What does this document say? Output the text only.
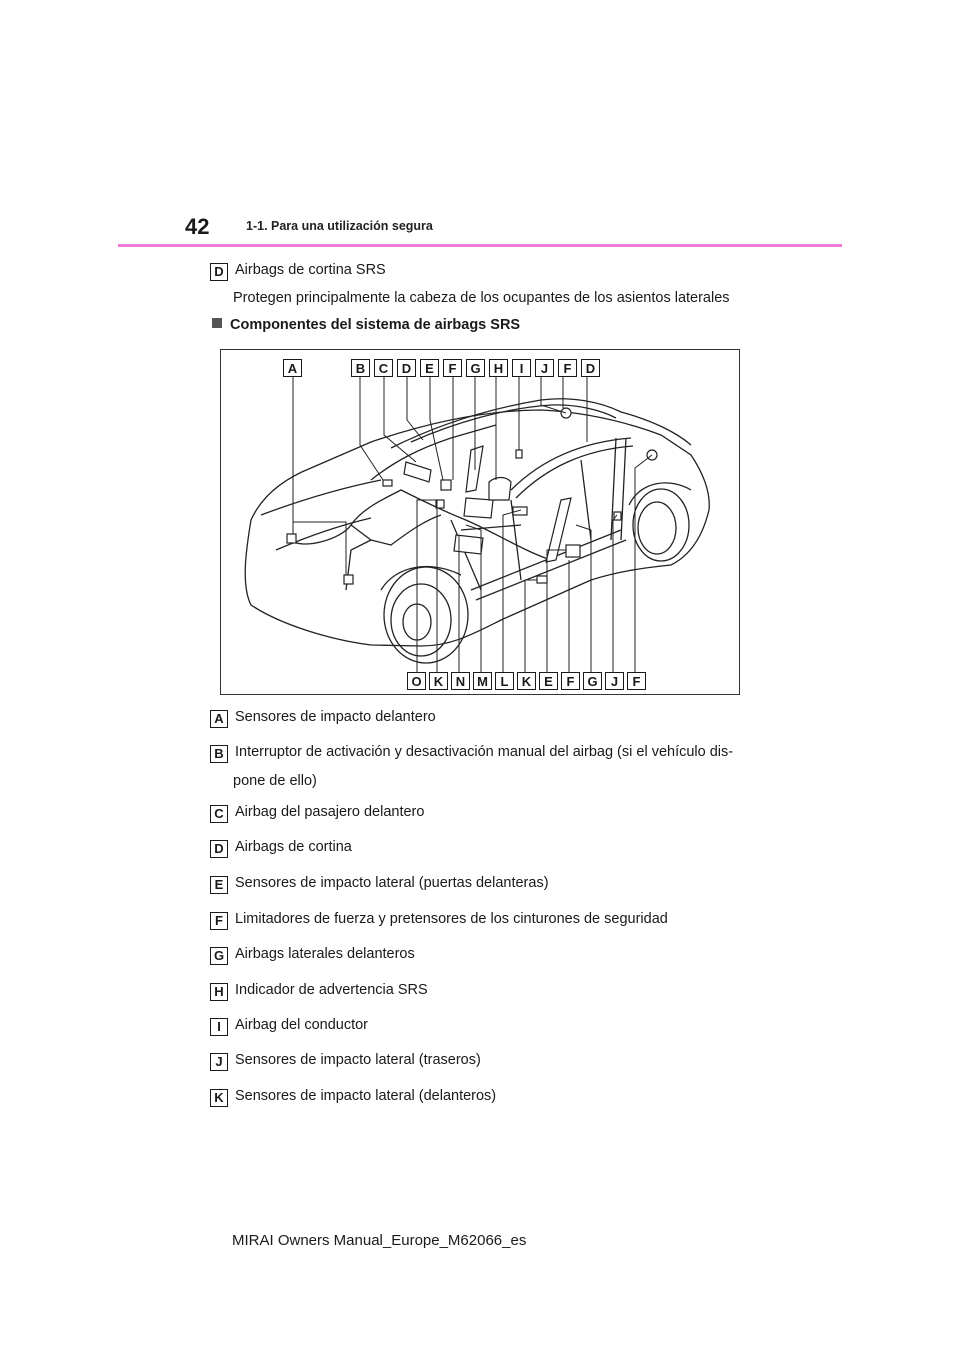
42	1-1. Para una utilización segura
D Airbags de cortina SRS
Protegen principalmente la cabeza de los ocupantes de los asientos laterales
Componentes del sistema de airbags SRS
A	B	C	D	E	F	G	H	I	J	F	D
O K N M L	K E	F G	J	F
A Sensores de impacto delantero
B Interruptor de activación y desactivación manual del airbag (si el vehículo dis-
pone de ello)
C Airbag del pasajero delantero
D Airbags de cortina
E Sensores de impacto lateral (puertas delanteras)
F Limitadores de fuerza y pretensores de los cinturones de seguridad
G Airbags laterales delanteros
H Indicador de advertencia SRS
I Airbag del conductor
J Sensores de impacto lateral (traseros)
K Sensores de impacto lateral (delanteros)
MIRAI Owners Manual_Europe_M62066_es
